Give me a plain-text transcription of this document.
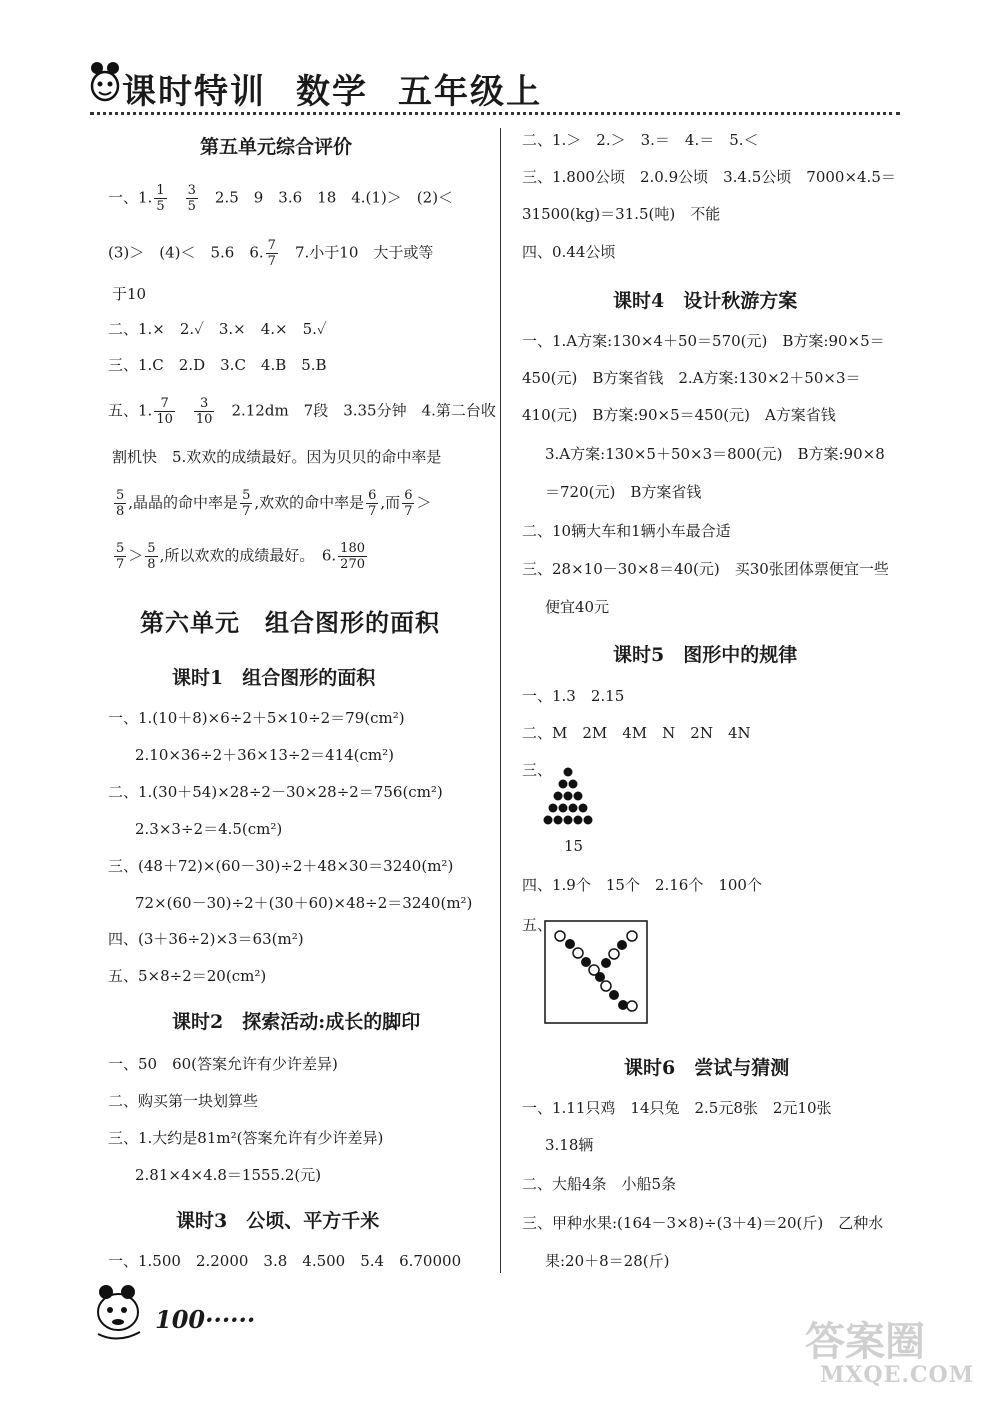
课时特训 数学 五年级上
第五单元综合评价
一、1. $\frac{1}{5}$
　 $\frac{3}{5}$
　 2.5　9　3.6　18　4.(1)＞　(2)＜
(3)＞　(4)＜　5.6　6. $\frac{7}{7}$
　 7.小于10　大于或等
于10
二、1.×　2.✓　3.×　4.×　5.✓
三、1.C　2.D　3.C　4.B　5.B
五、1. $\frac{7}{10}$
　 $\frac{3}{10}$
　 2.12dm　7段　3.35分钟　4.第二台收
割机快　5.欢欢的成绩最好。因为贝贝的命中率是
$\frac{5}{8}$ ,晶晶的命中率是 $\frac{5}{7}$ ,欢欢的命中率是 $\frac{6}{7}$ ,而 $\frac{6}{7}$ ＞
$\frac{5}{7} > \frac{5}{8}$ ,所以欢欢的成绩最好。　6. $\frac{180}{270}$
第六单元　组合图形的面积
课时1　组合图形的面积
一、1.(10＋8)×6÷2＋5×10÷2＝79(cm²)
2.10×36÷2＋36×13÷2＝414(cm²)
二、1.(30＋54)×28÷2－30×28÷2＝756(cm²)
2.3×3÷2＝4.5(cm²)
三、(48＋72)×(60－30)÷2＋48×30＝3240(m²)
72×(60－30)÷2＋(30＋60)×48÷2＝3240(m²)
四、(3＋36÷2)×3＝63(m²)
五、5×8÷2＝20(cm²)
课时2　探索活动:成长的脚印
一、50　60(答案允许有少许差异)
二、购买第一块划算些
三、1.大约是81m²(答案允许有少许差异)
2.81×4×4.8＝1555.2(元)
课时3　公顷、平方千米
一、1.500　2.2000　3.8　4.500　5.4　6.70000
二、1.＞　2.＞　3.＝　4.＝　5.＜
三、1.800公顷　2.0.9公顷　3.4.5公顷　7000×4.5＝
31500(kg)＝31.5(吨)　不能
四、0.44公顷
课时4　设计秋游方案
一、1.A方案:130×4＋50＝570(元)　B方案:90×5＝
450(元)　B方案省钱　2.A方案:130×2＋50×3＝
410(元)　B方案:90×5＝450(元)　A方案省钱
3.A方案:130×5＋50×3＝800(元)　B方案:90×8
＝720(元)　B方案省钱
二、10辆大车和1辆小车最合适
三、28×10－30×8＝40(元)　买30张团体票便宜一些
便宜40元
课时5　图形中的规律
一、1.3　2.15
二、M　2M　4M　N　2N　4N
三、
15
四、1.9个　15个　2.16个　100个
五、
课时6　尝试与猜测
一、1.11只鸡　14只兔　2.5元8张　2元10张
3.18辆
二、大船4条　小船5条
三、甲种水果:(164－3×8)÷(3＋4)＝20(斤)　乙种水
果:20＋8＝28(斤)
100······	答案圈
MXQE.COM
